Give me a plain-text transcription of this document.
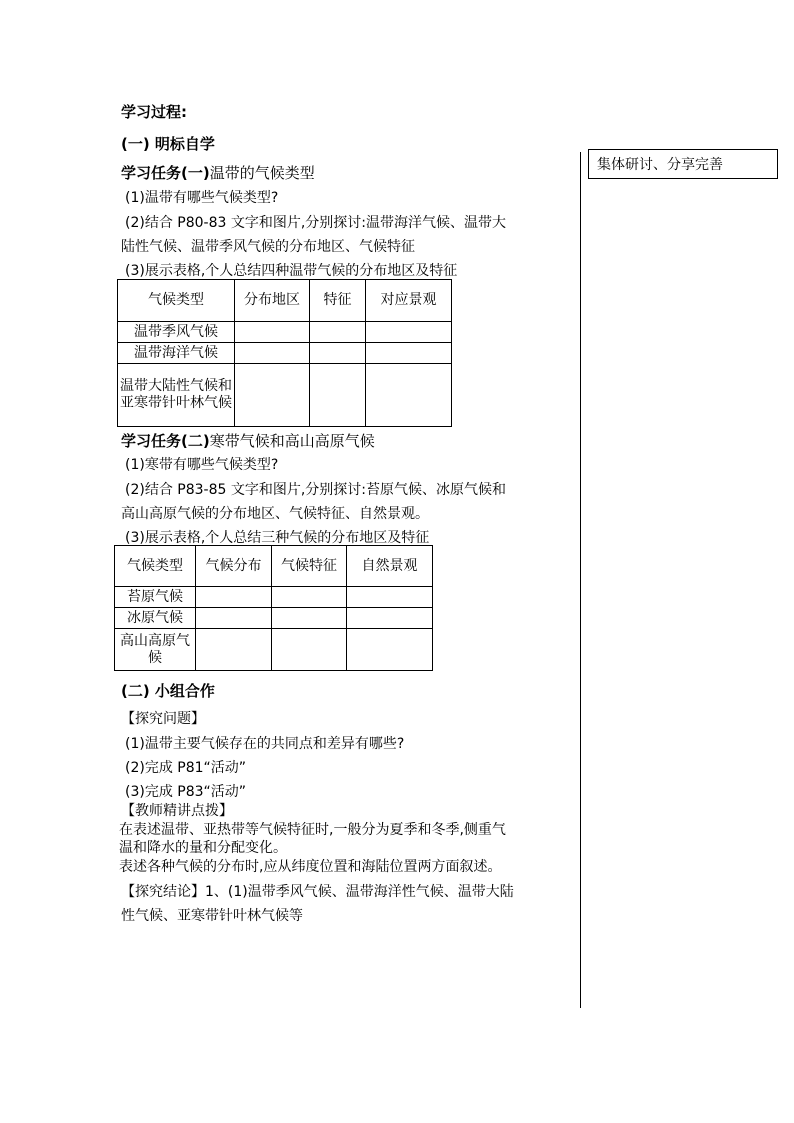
集体研讨、分享完善
学习过程:
(一) 明标自学
学习任务(一)温带的气候类型
(1)温带有哪些气候类型?
(2)结合 P80-83 文字和图片,分别探讨:温带海洋气候、温带大
陆性气候、温带季风气候的分布地区、气候特征
(3)展示表格,个人总结四种温带气候的分布地区及特征
气候类型	分布地区	特征	对应景观
温带季风气候			
温带海洋气候			
温带大陆性气候和亚寒带针叶林气候			
学习任务(二)寒带气候和高山高原气候
(1)寒带有哪些气候类型?
(2)结合 P83-85 文字和图片,分别探讨:苔原气候、冰原气候和
高山高原气候的分布地区、气候特征、自然景观。
(3)展示表格,个人总结三种气候的分布地区及特征
气候类型	气候分布	气候特征	自然景观
苔原气候			
冰原气候			
高山高原气候			
(二) 小组合作
【探究问题】
(1)温带主要气候存在的共同点和差异有哪些?
(2)完成 P81“活动”
(3)完成 P83“活动”
【教师精讲点拨】
在表述温带、亚热带等气候特征时,一般分为夏季和冬季,侧重气
温和降水的量和分配变化。
表述各种气候的分布时,应从纬度位置和海陆位置两方面叙述。
【探究结论】1、(1)温带季风气候、温带海洋性气候、温带大陆
性气候、亚寒带针叶林气候等
